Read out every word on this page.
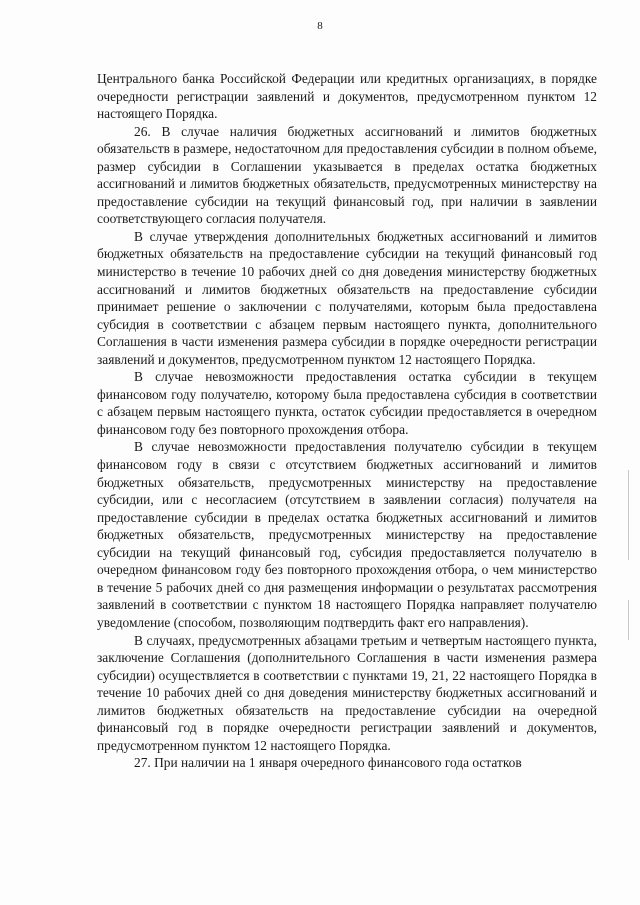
8

Центрального банка Российской Федерации или кредитных организациях, в порядке очередности регистрации заявлений и документов, предусмотренном пунктом 12 настоящего Порядка.

26. В случае наличия бюджетных ассигнований и лимитов бюджетных обязательств в размере, недостаточном для предоставления субсидии в полном объеме, размер субсидии в Соглашении указывается в пределах остатка бюджетных ассигнований и лимитов бюджетных обязательств, предусмотренных министерству на предоставление субсидии на текущий финансовый год, при наличии в заявлении соответствующего согласия получателя.

В случае утверждения дополнительных бюджетных ассигнований и лимитов бюджетных обязательств на предоставление субсидии на текущий финансовый год министерство в течение 10 рабочих дней со дня доведения министерству бюджетных ассигнований и лимитов бюджетных обязательств на предоставление субсидии принимает решение о заключении с получателями, которым была предоставлена субсидия в соответствии с абзацем первым настоящего пункта, дополнительного Соглашения в части изменения размера субсидии в порядке очередности регистрации заявлений и документов, предусмотренном пунктом 12 настоящего Порядка.

В случае невозможности предоставления остатка субсидии в текущем финансовом году получателю, которому была предоставлена субсидия в соответствии с абзацем первым настоящего пункта, остаток субсидии предоставляется в очередном финансовом году без повторного прохождения отбора.

В случае невозможности предоставления получателю субсидии в текущем финансовом году в связи с отсутствием бюджетных ассигнований и лимитов бюджетных обязательств, предусмотренных министерству на предоставление субсидии, или с несогласием (отсутствием в заявлении согласия) получателя на предоставление субсидии в пределах остатка бюджетных ассигнований и лимитов бюджетных обязательств, предусмотренных министерству на предоставление субсидии на текущий финансовый год, субсидия предоставляется получателю в очередном финансовом году без повторного прохождения отбора, о чем министерство в течение 5 рабочих дней со дня размещения информации о результатах рассмотрения заявлений в соответствии с пунктом 18 настоящего Порядка направляет получателю уведомление (способом, позволяющим подтвердить факт его направления).

В случаях, предусмотренных абзацами третьим и четвертым настоящего пункта, заключение Соглашения (дополнительного Соглашения в части изменения размера субсидии) осуществляется в соответствии с пунктами 19, 21, 22 настоящего Порядка в течение 10 рабочих дней со дня доведения министерству бюджетных ассигнований и лимитов бюджетных обязательств на предоставление субсидии на очередной финансовый год в порядке очередности регистрации заявлений и документов, предусмотренном пунктом 12 настоящего Порядка.

27. При наличии на 1 января очередного финансового года остатков
